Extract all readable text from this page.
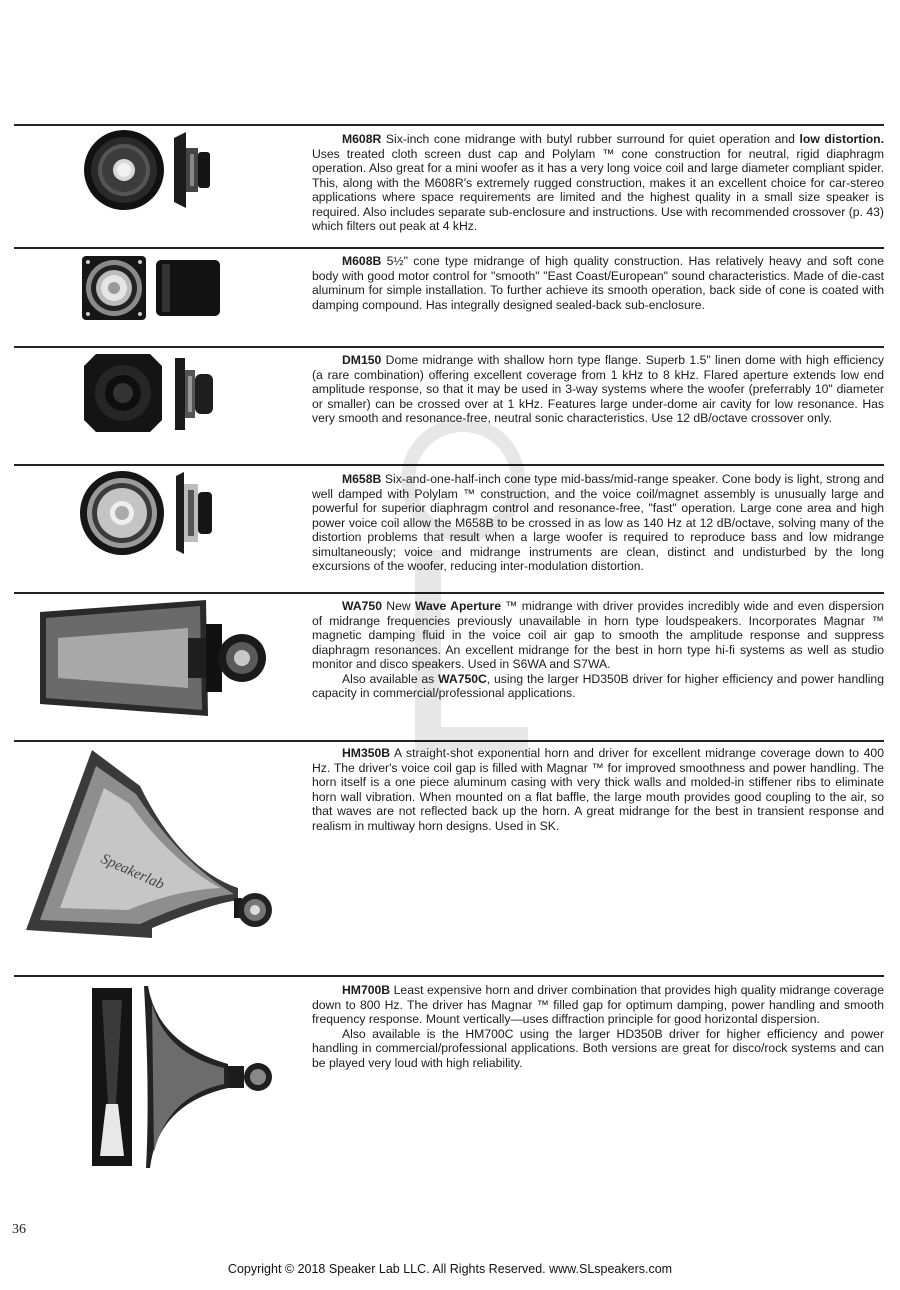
M608R Six-inch cone midrange with butyl rubber surround for quiet operation and low distortion. Uses treated cloth screen dust cap and Polylam ™ cone construction for neutral, rigid diaphragm operation. Also great for a mini woofer as it has a very long voice coil and large diameter compliant spider. This, along with the M608R's extremely rugged construction, makes it an excellent choice for car-stereo applications where space requirements are limited and the highest quality in a small size speaker is required. Also includes separate sub-enclosure and instructions. Use with recommended crossover (p. 43) which filters out peak at 4 kHz.

M608B 5½" cone type midrange of high quality construction. Has relatively heavy and soft cone body with good motor control for "smooth" "East Coast/European" sound characteristics. Made of die-cast aluminum for simple installation. To further achieve its smooth operation, back side of cone is coated with damping compound. Has integrally designed sealed-back sub-enclosure.

DM150 Dome midrange with shallow horn type flange. Superb 1.5" linen dome with high efficiency (a rare combination) offering excellent coverage from 1 kHz to 8 kHz. Flared aperture extends low end amplitude response, so that it may be used in 3-way systems where the woofer (preferrably 10" diameter or smaller) can be crossed over at 1 kHz. Features large under-dome air cavity for low resonance. Has very smooth and resonance-free, neutral sonic characteristics. Use 12 dB/octave crossover only.

M658B Six-and-one-half-inch cone type mid-bass/mid-range speaker. Cone body is light, strong and well damped with Polylam ™ construction, and the voice coil/magnet assembly is unusually large and powerful for superior diaphragm control and resonance-free, "fast" operation. Large cone area and high power voice coil allow the M658B to be crossed in as low as 140 Hz at 12 dB/octave, solving many of the distortion problems that result when a large woofer is required to reproduce bass and low midrange simultaneously; voice and midrange instruments are clean, distinct and undisturbed by the long excursions of the woofer, reducing inter-modulation distortion.

WA750 New Wave Aperture ™ midrange with driver provides incredibly wide and even dispersion of midrange frequencies previously unavailable in horn type loudspeakers. Incorporates Magnar ™ magnetic damping fluid in the voice coil air gap to smooth the amplitude response and suppress diaphragm resonances. An excellent midrange for the best in horn type hi-fi systems as well as studio monitor and disco speakers. Used in S6WA and S7WA.

Also available as WA750C, using the larger HD350B driver for higher efficiency and power handling capacity in commercial/professional applications.

HM350B A straight-shot exponential horn and driver for excellent midrange coverage down to 400 Hz. The driver's voice coil gap is filled with Magnar ™ for improved smoothness and power handling. The horn itself is a one piece aluminum casing with very thick walls and molded-in stiffener ribs to eliminate horn wall vibration. When mounted on a flat baffle, the large mouth provides good coupling to the air, so that waves are not reflected back up the horn. A great midrange for the best in transient response and realism in multiway horn designs. Used in SK.

HM700B Least expensive horn and driver combination that provides high quality midrange coverage down to 800 Hz. The driver has Magnar ™ filled gap for optimum damping, power handling and smooth frequency response. Mount vertically—uses diffraction principle for good horizontal dispersion.

Also available is the HM700C using the larger HD350B driver for higher efficiency and power handling in commercial/professional applications. Both versions are great for disco/rock systems and can be played very loud with high reliability.

Speakerlab
36
Copyright © 2018 Speaker Lab LLC. All Rights Reserved. www.SLspeakers.com
